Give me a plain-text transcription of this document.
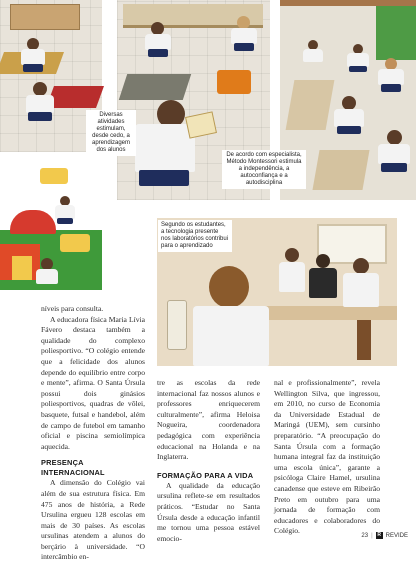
Diversas atividades estimulam, desde cedo, a aprendizagem dos alunos
De acordo com especialista, Método Montessori estimula a independência, a autoconfiança e a autodisciplina
Segundo os estudantes, a tecnologia presente nos laboratórios contribui para o aprendizado

níveis para consulta.

A educadora física Maria Lívia Fávero destaca também a qualidade do complexo poliesportivo. “O colégio entende que a felicidade dos alunos depende do equilíbrio entre corpo e mente”, afirma. O Santa Úrsula possui dois ginásios poliesportivos, quadras de vôlei, basquete, futsal e handebol, além de campo de futebol em tamanho oficial e piscina semiolímpica aquecida.

PRESENÇA INTERNACIONAL

A dimensão do Colégio vai além de sua estrutura física. Em 475 anos de história, a Rede Ursulina ergueu 128 escolas em mais de 30 países. As escolas ursulinas atendem a alunos do berçário à universidade. “O intercâmbio en-

tre as escolas da rede internacional faz nossos alunos e professores enriquecerem culturalmente”, afirma Heloisa Nogueira, coordenadora pedagógica com experiência educacional na Holanda e na Inglaterra.

FORMAÇÃO PARA A VIDA

A qualidade da educação ursulina reflete-se em resultados práticos. “Estudar no Santa Úrsula desde a educação infantil me tornou uma pessoa estável emocio-

nal e profissionalmente”, revela Wellington Silva, que ingressou, em 2010, no curso de Economia da Universidade Estadual de Maringá (UEM), sem cursinho preparatório. “A preocupação do Santa Úrsula com a formação humana integral faz da instituição uma escola única”, garante a psicóloga Claire Hamel, ursulina canadense que esteve em Ribeirão Preto em outubro para uma jornada de formação com educadores e colaboradores do Colégio.

23 | R REVIDE
